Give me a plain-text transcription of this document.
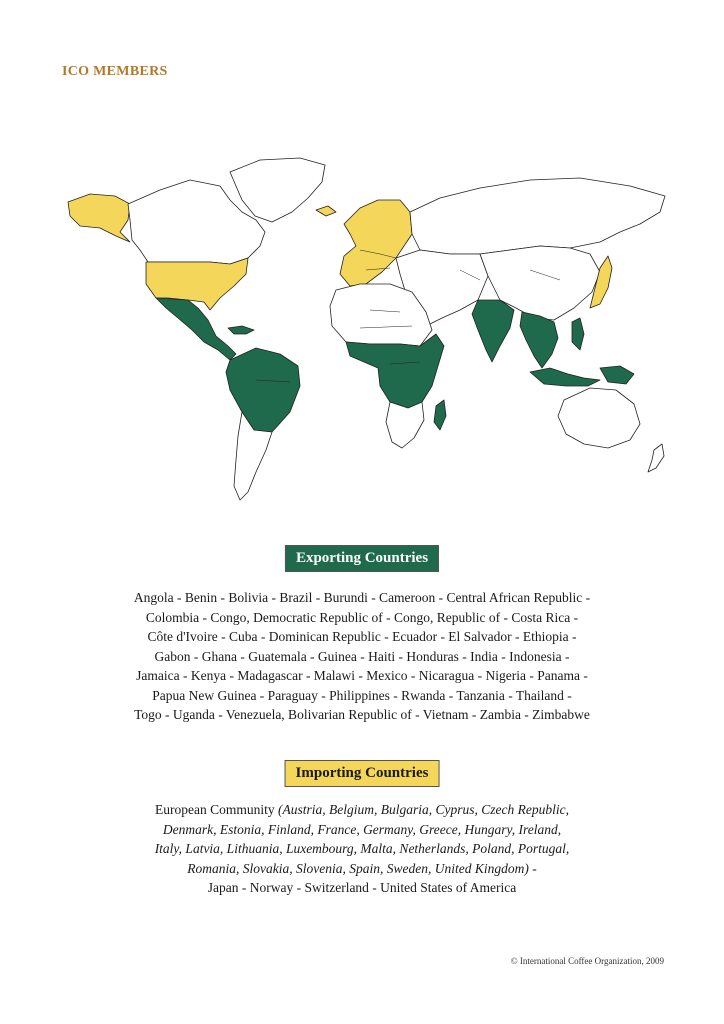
ICO MEMBERS
Exporting Countries
Angola - Benin - Bolivia - Brazil - Burundi - Cameroon - Central African Republic -
Colombia - Congo, Democratic Republic of - Congo, Republic of - Costa Rica -
Côte d'Ivoire - Cuba - Dominican Republic - Ecuador - El Salvador - Ethiopia -
Gabon - Ghana - Guatemala - Guinea - Haiti - Honduras - India - Indonesia -
Jamaica - Kenya - Madagascar - Malawi - Mexico - Nicaragua - Nigeria - Panama -
Papua New Guinea - Paraguay - Philippines - Rwanda - Tanzania - Thailand -
Togo - Uganda - Venezuela, Bolivarian Republic of - Vietnam - Zambia - Zimbabwe
Importing Countries
European Community (Austria, Belgium, Bulgaria, Cyprus, Czech Republic,
Denmark, Estonia, Finland, France, Germany, Greece, Hungary, Ireland,
Italy, Latvia, Lithuania, Luxembourg, Malta, Netherlands, Poland, Portugal,
Romania, Slovakia, Slovenia, Spain, Sweden, United Kingdom) -
Japan - Norway - Switzerland - United States of America
© International Coffee Organization, 2009
